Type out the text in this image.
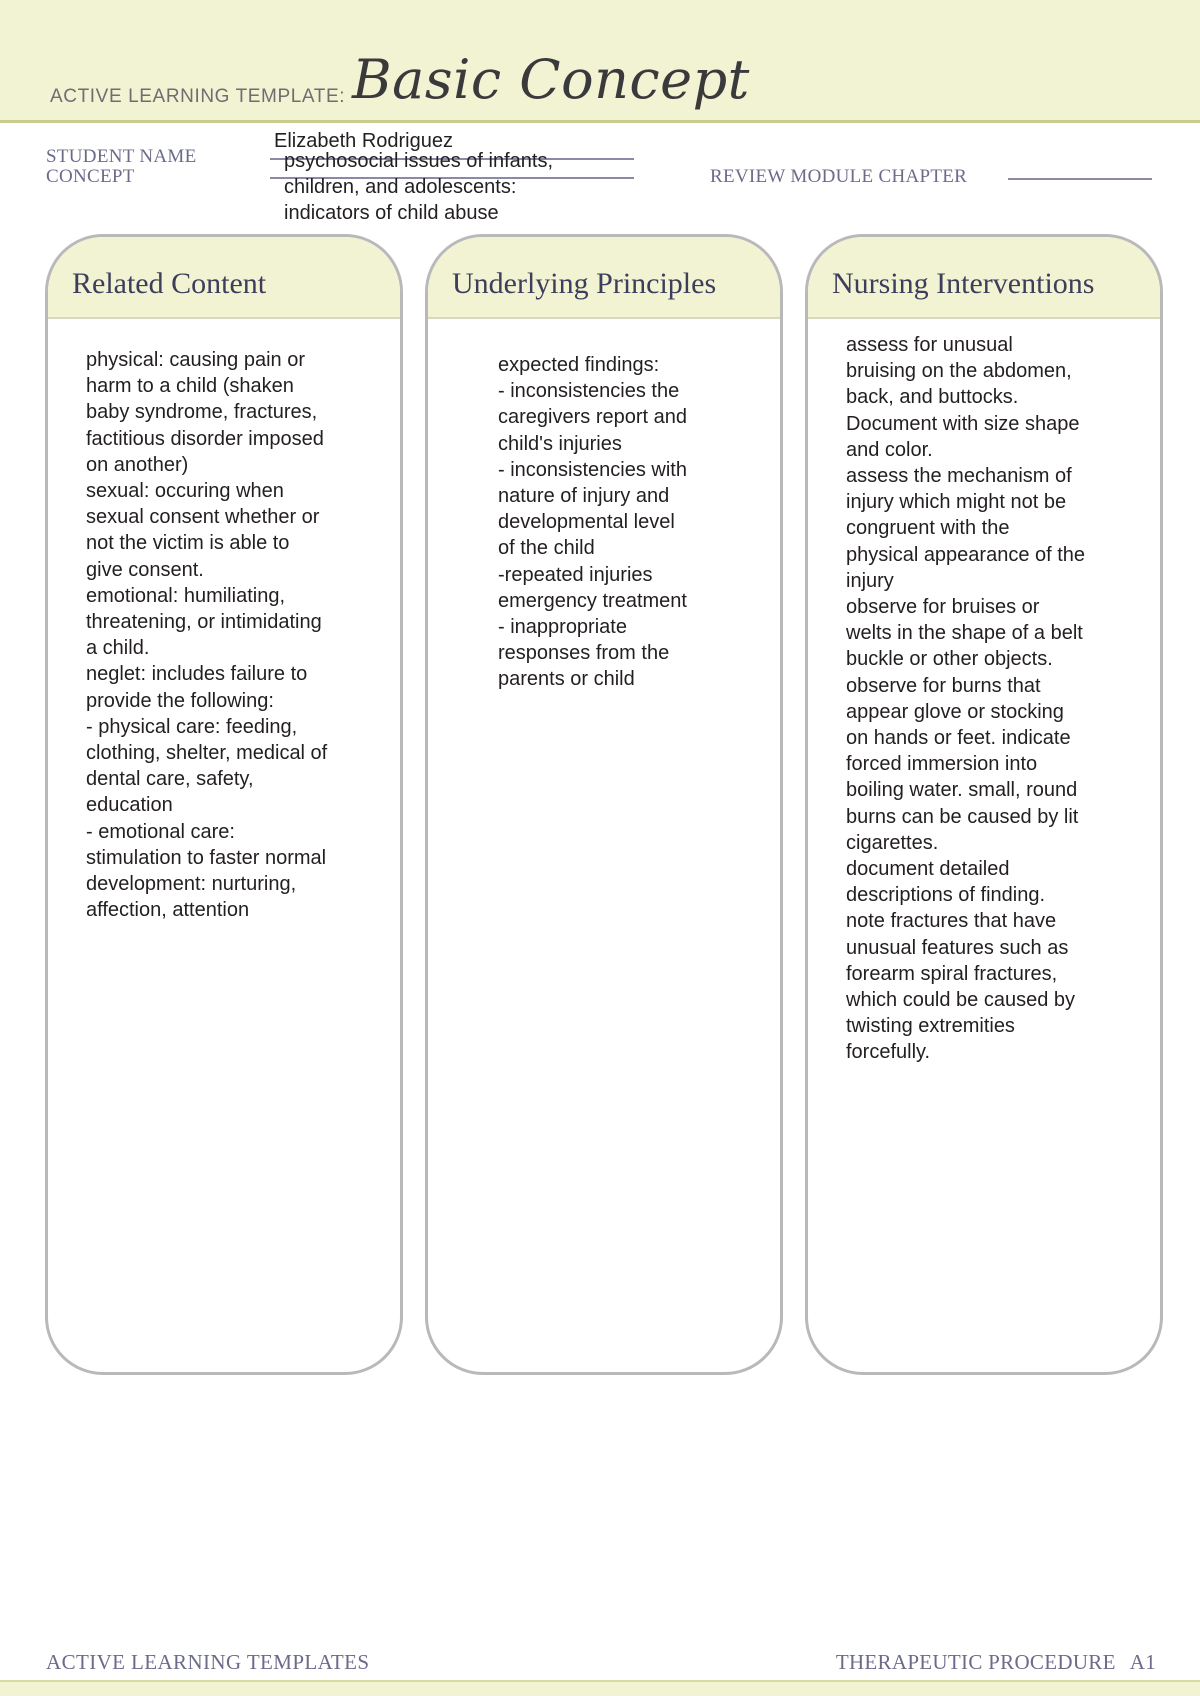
ACTIVE LEARNING TEMPLATE: Basic Concept
STUDENT NAME
Elizabeth Rodriguez
CONCEPT
psychosocial issues of infants,
children, and adolescents:
indicators of child abuse
REVIEW MODULE CHAPTER
Related Content
physical: causing pain or
harm to a child (shaken
baby syndrome, fractures,
factitious disorder imposed
on another)
sexual: occuring when
sexual consent whether or
not the victim is able to
give consent.
emotional: humiliating,
threatening, or intimidating
a child.
neglet: includes failure to
provide the following:
- physical care: feeding,
clothing, shelter, medical of
dental care, safety,
education
- emotional care:
stimulation to faster normal
development: nurturing,
affection, attention
Underlying Principles
expected findings:
- inconsistencies the
caregivers report and
child's injuries
- inconsistencies with
nature of injury and
developmental level
of the child
-repeated injuries
emergency treatment
- inappropriate
responses from the
parents or child
Nursing Interventions
assess for unusual
bruising on the abdomen,
back, and buttocks.
Document with size shape
and color.
assess the mechanism of
injury which might not be
congruent with the
physical appearance of the
injury
observe for bruises or
welts in the shape of a belt
buckle or other objects.
observe for burns that
appear glove or stocking
on hands or feet. indicate
forced immersion into
boiling water. small, round
burns can be caused by lit
cigarettes.
document detailed
descriptions of finding.
note fractures that have
unusual features such as
forearm spiral fractures,
which could be caused by
twisting extremities
forcefully.
ACTIVE LEARNING TEMPLATES	THERAPEUTIC PROCEDURE A1
